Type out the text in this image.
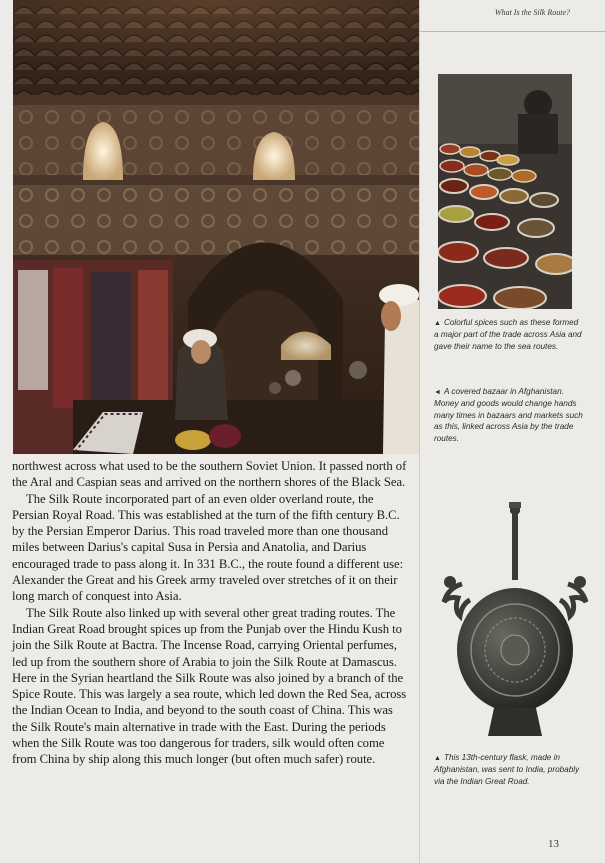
What Is the Silk Route?

▲ Colorful spices such as these formed a major part of the trade across Asia and gave their name to the sea routes.

◄ A covered bazaar in Afghanistan. Money and goods would change hands many times in bazaars and markets such as this, linked across Asia by the trade routes.

▲ This 13th-century flask, made in Afghanistan, was sent to India, probably via the Indian Great Road.

northwest across what used to be the southern Soviet Union. It passed north of the Aral and Caspian seas and arrived on the northern shores of the Black Sea.

The Silk Route incorporated part of an even older overland route, the Persian Royal Road. This was established at the turn of the fifth century B.C. by the Persian Emperor Darius. This road traveled more than one thousand miles between Darius's capital Susa in Persia and Anatolia, and Darius encouraged trade to pass along it. In 331 B.C., the route found a different use: Alexander the Great and his Greek army traveled over stretches of it on their long march of conquest into Asia.

The Silk Route also linked up with several other great trading routes. The Indian Great Road brought spices up from the Punjab over the Hindu Kush to join the Silk Route at Bactra. The Incense Road, carrying Oriental perfumes, led up from the southern shore of Arabia to join the Silk Route at Damascus. Here in the Syrian heartland the Silk Route was also joined by a branch of the Spice Route. This was largely a sea route, which led down the Red Sea, across the Indian Ocean to India, and beyond to the south coast of China. This was the Silk Route's main alternative in trade with the East. During the periods when the Silk Route was too dangerous for traders, silk would often come from China by ship along this much longer (but often much safer) route.

13
